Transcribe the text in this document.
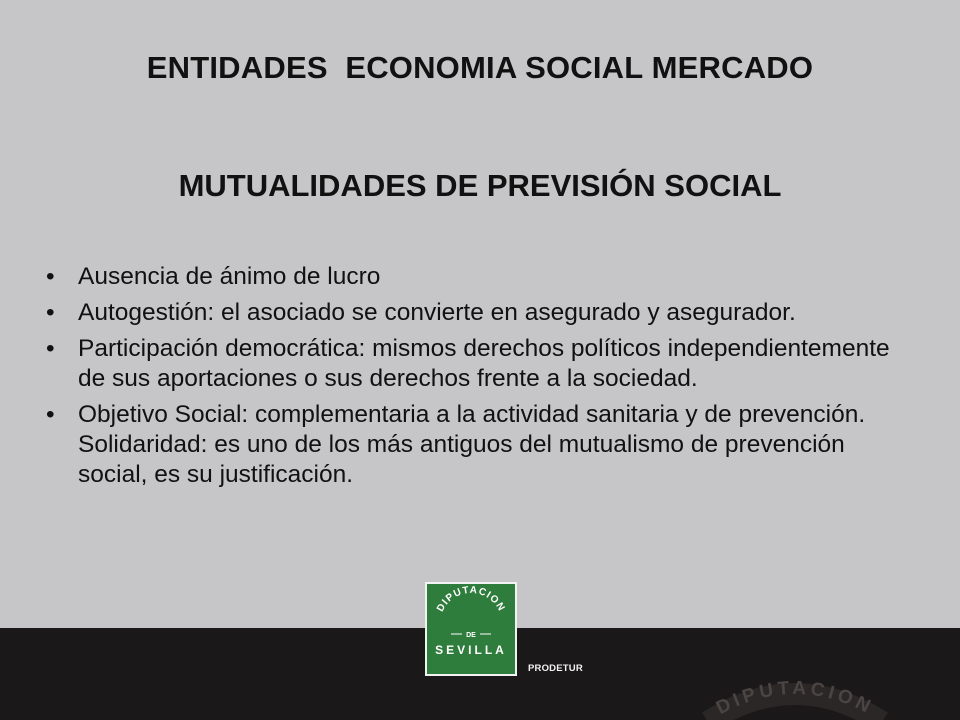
ENTIDADES  ECONOMIA SOCIAL MERCADO
MUTUALIDADES DE PREVISIÓN SOCIAL
• Ausencia de ánimo de lucro
• Autogestión: el asociado se convierte en asegurado y asegurador.
• Participación democrática: mismos derechos políticos independientemente de sus aportaciones o sus derechos frente a la sociedad.
• Objetivo Social: complementaria a la actividad sanitaria y de prevención. Solidaridad: es uno de los más antiguos del mutualismo de prevención social, es su justificación.
DIPUTACION
DE
SEVILLA
PRODETUR
DIPUTACION
